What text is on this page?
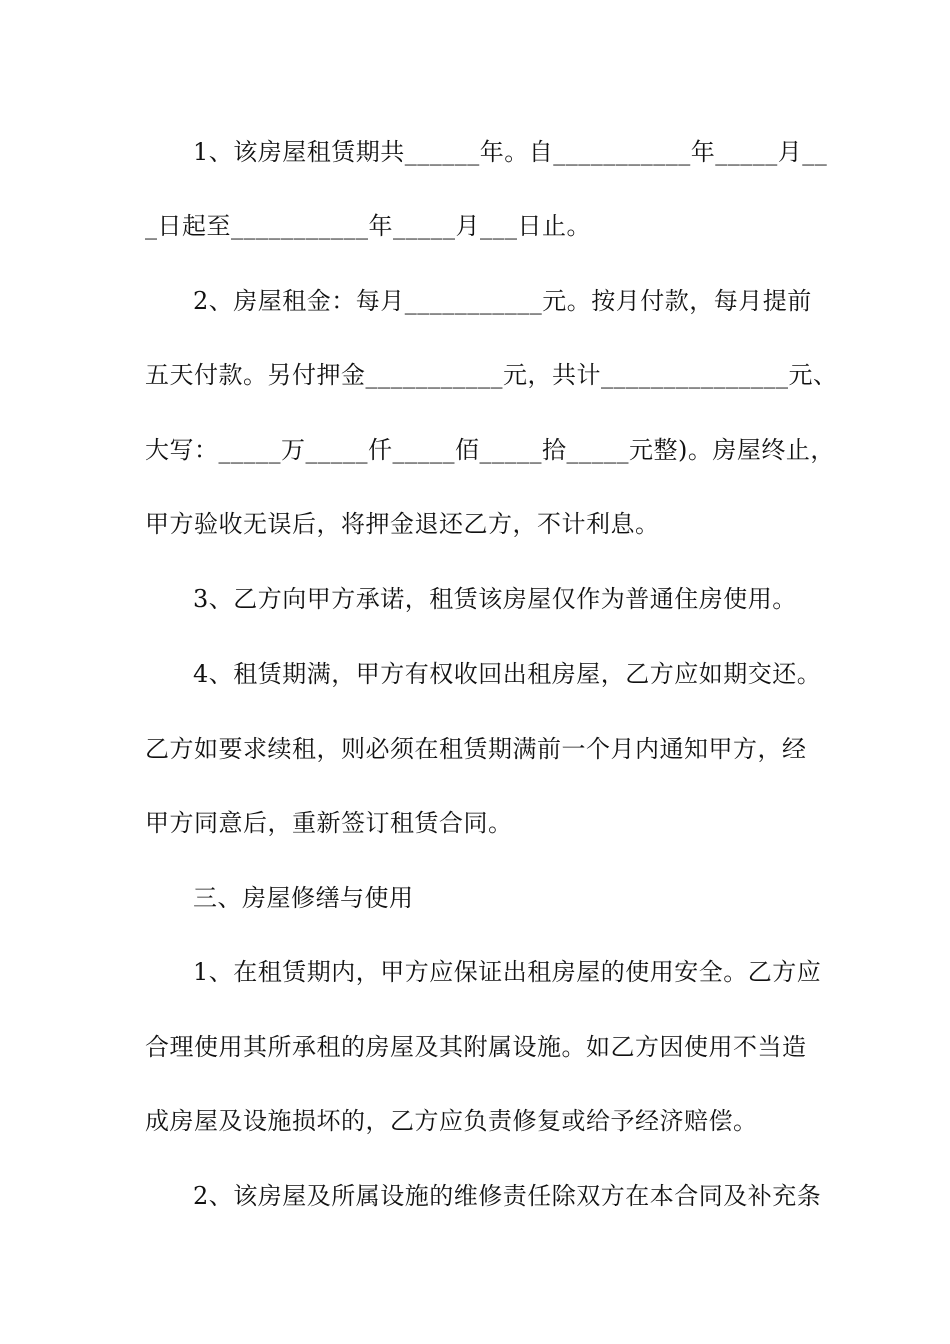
1、该房屋租赁期共______年。自___________年_____月__
_日起至___________年_____月___日止。
2、房屋租金：每月___________元。按月付款，每月提前
五天付款。另付押金___________元，共计_______________元、
大写：_____万_____仟_____佰_____拾_____元整)。房屋终止，
甲方验收无误后，将押金退还乙方，不计利息。
3、乙方向甲方承诺，租赁该房屋仅作为普通住房使用。
4、租赁期满，甲方有权收回出租房屋，乙方应如期交还。
乙方如要求续租，则必须在租赁期满前一个月内通知甲方，经
甲方同意后，重新签订租赁合同。
三、房屋修缮与使用
1、在租赁期内，甲方应保证出租房屋的使用安全。乙方应
合理使用其所承租的房屋及其附属设施。如乙方因使用不当造
成房屋及设施损坏的，乙方应负责修复或给予经济赔偿。
2、该房屋及所属设施的维修责任除双方在本合同及补充条
